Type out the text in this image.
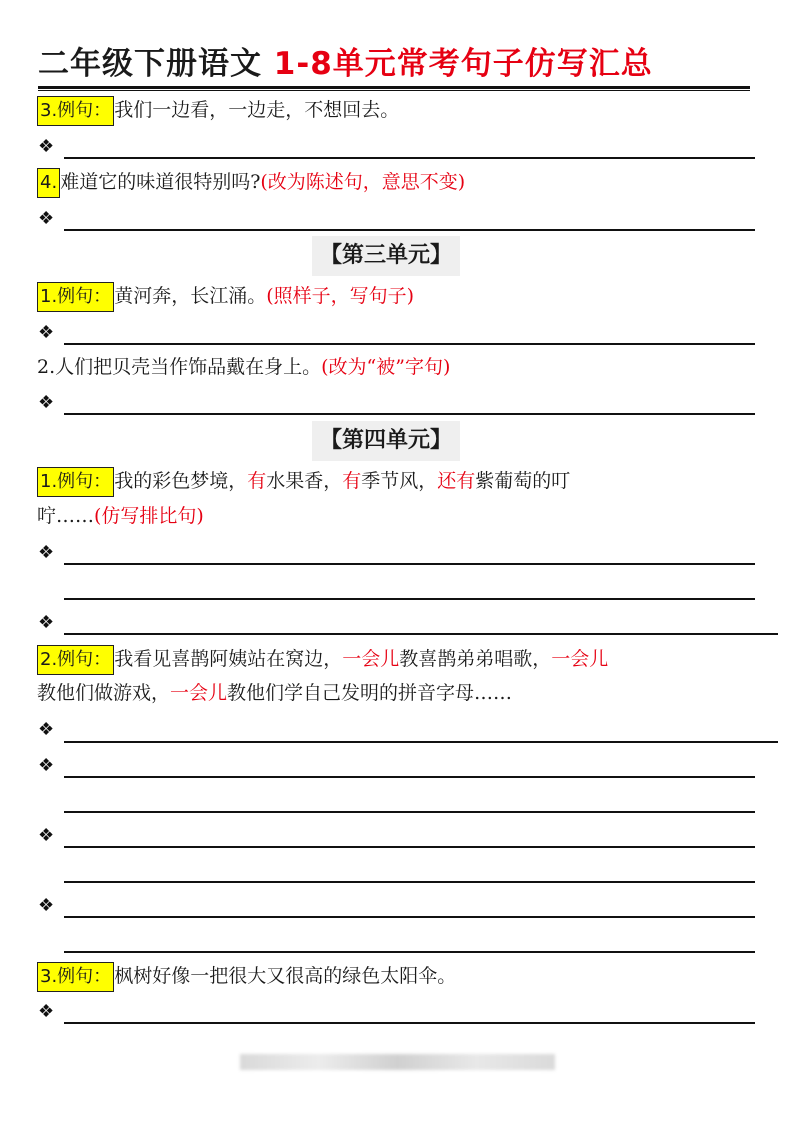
二年级下册语文 1-8单元常考句子仿写汇总
3.例句： 我们一边看，一边走，不想回去。
❖
4. 难道它的味道很特别吗?(改为陈述句，意思不变)
❖
【第三单元】
1.例句： 黄河奔，长江涌。(照样子，写句子)
❖
2.人们把贝壳当作饰品戴在身上。(改为“被”字句)
❖
【第四单元】
1.例句： 我的彩色梦境，有水果香，有季节风，还有紫葡萄的叮
咛……(仿写排比句)
❖
❖
2.例句： 我看见喜鹊阿姨站在窝边，一会儿教喜鹊弟弟唱歌，一会儿
教他们做游戏，一会儿教他们学自己发明的拼音字母……
❖
❖
❖
❖
3.例句： 枫树好像一把很大又很高的绿色太阳伞。
❖
